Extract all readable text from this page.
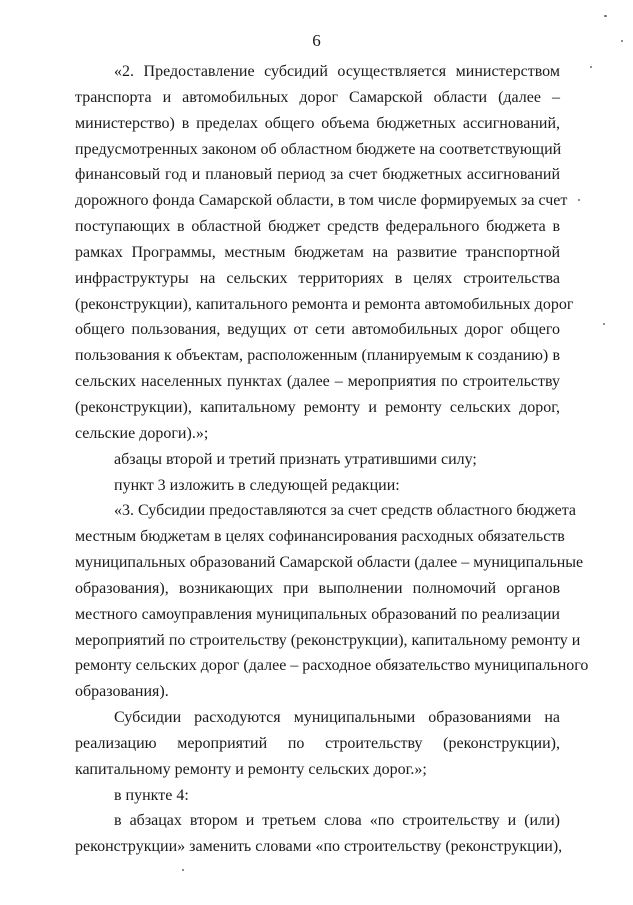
6
«2. Предоставление субсидий осуществляется министерством
транспорта и автомобильных дорог Самарской области (далее –
министерство) в пределах общего объема бюджетных ассигнований,
предусмотренных законом об областном бюджете на соответствующий
финансовый год и плановый период за счет бюджетных ассигнований
дорожного фонда Самарской области, в том числе формируемых за счет
поступающих в областной бюджет средств федерального бюджета в
рамках Программы, местным бюджетам на развитие транспортной
инфраструктуры на сельских территориях в целях строительства
(реконструкции), капитального ремонта и ремонта автомобильных дорог
общего пользования, ведущих от сети автомобильных дорог общего
пользования к объектам, расположенным (планируемым к созданию) в
сельских населенных пунктах (далее – мероприятия по строительству
(реконструкции), капитальному ремонту и ремонту сельских дорог,
сельские дороги).»;
абзацы второй и третий признать утратившими силу;
пункт 3 изложить в следующей редакции:
«3. Субсидии предоставляются за счет средств областного бюджета
местным бюджетам в целях софинансирования расходных обязательств
муниципальных образований Самарской области (далее – муниципальные
образования), возникающих при выполнении полномочий органов
местного самоуправления муниципальных образований по реализации
мероприятий по строительству (реконструкции), капитальному ремонту и
ремонту сельских дорог (далее – расходное обязательство муниципального
образования).
Субсидии расходуются муниципальными образованиями на
реализацию мероприятий по строительству (реконструкции),
капитальному ремонту и ремонту сельских дорог.»;
в пункте 4:
в абзацах втором и третьем слова «по строительству и (или)
реконструкции» заменить словами «по строительству (реконструкции),
